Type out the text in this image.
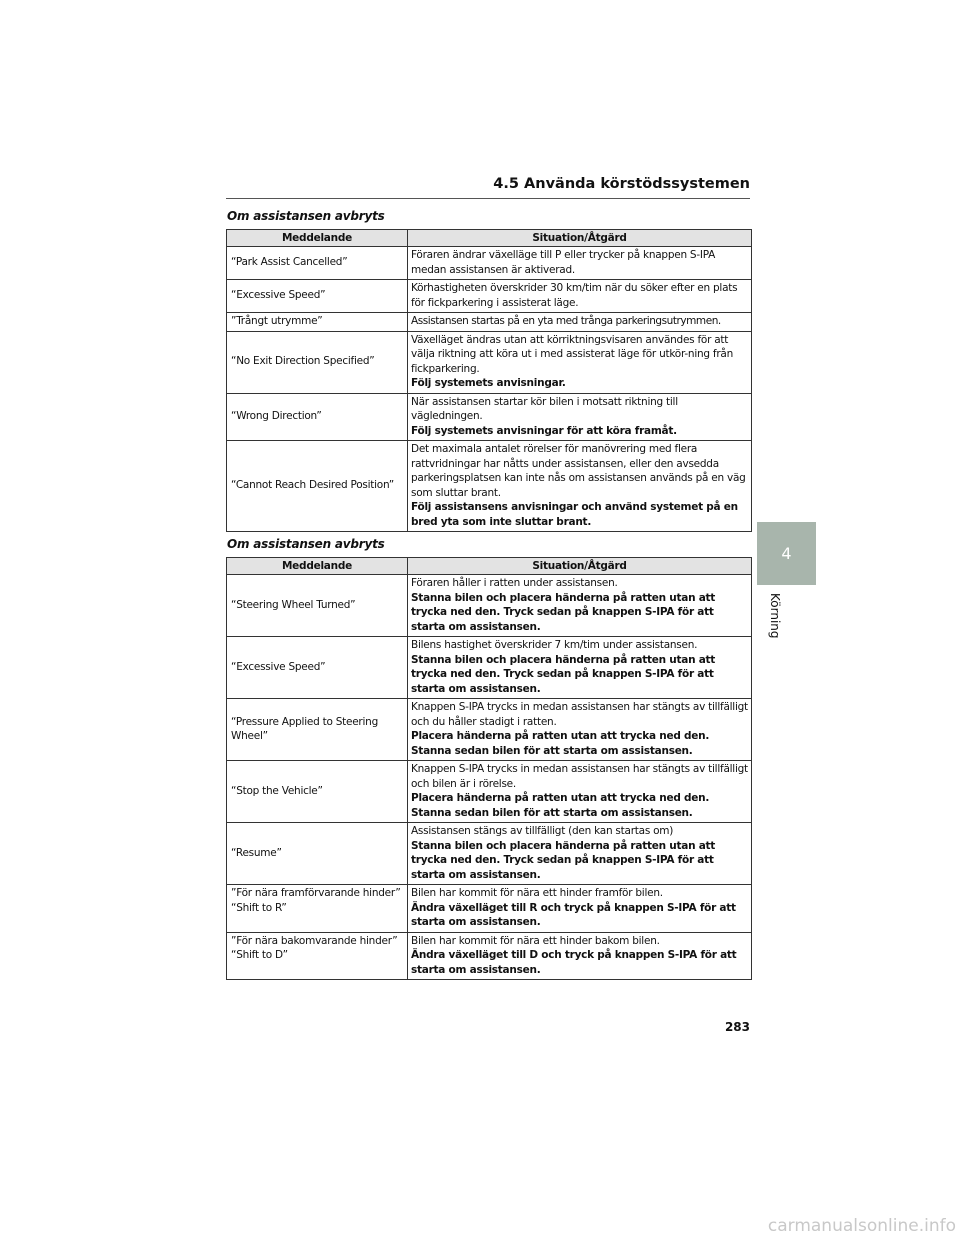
4.5 Använda körstödssystemen
Om assistansen avbryts
Meddelande	Situation/Åtgärd

“Park Assist Cancelled”	Föraren ändrar växelläge till P eller trycker på knappen S-IPA medan assistansen är aktiverad.

“Excessive Speed”	Körhastigheten överskrider 30 km/tim när du söker efter en plats för fickparkering i assisterat läge.

”Trångt utrymme”	Assistansen startas på en yta med trånga parkeringsutrymmen.

“No Exit Direction Specified”	Växelläget ändras utan att körriktningsvisaren användes för att välja riktning att köra ut i med assisterat läge för utkör-ning från fickparkering.
Följ systemets anvisningar.

“Wrong Direction”	När assistansen startar kör bilen i motsatt riktning till vägledningen.
Följ systemets anvisningar för att köra framåt.

“Cannot Reach Desired Position”	Det maximala antalet rörelser för manövrering med flera rattvridningar har nåtts under assistansen, eller den avsedda parkeringsplatsen kan inte nås om assistansen används på en väg som sluttar brant.
Följ assistansens anvisningar och använd systemet på en bred yta som inte sluttar brant.
Om assistansen avbryts
Meddelande	Situation/Åtgärd

“Steering Wheel Turned”	Föraren håller i ratten under assistansen.
Stanna bilen och placera händerna på ratten utan att trycka ned den. Tryck sedan på knappen S-IPA för att starta om assistansen.

“Excessive Speed”	Bilens hastighet överskrider 7 km/tim under assistansen.
Stanna bilen och placera händerna på ratten utan att trycka ned den. Tryck sedan på knappen S-IPA för att starta om assistansen.

“Pressure Applied to Steering Wheel”	Knappen S-IPA trycks in medan assistansen har stängts av tillfälligt och du håller stadigt i ratten.
Placera händerna på ratten utan att trycka ned den. Stanna sedan bilen för att starta om assistansen.

“Stop the Vehicle”	Knappen S-IPA trycks in medan assistansen har stängts av tillfälligt och bilen är i rörelse.
Placera händerna på ratten utan att trycka ned den. Stanna sedan bilen för att starta om assistansen.

“Resume”	Assistansen stängs av tillfälligt (den kan startas om)
Stanna bilen och placera händerna på ratten utan att trycka ned den. Tryck sedan på knappen S-IPA för att starta om assistansen.

”För nära framförvarande hinder”
“Shift to R”	Bilen har kommit för nära ett hinder framför bilen.
Ändra växelläget till R och tryck på knappen S-IPA för att starta om assistansen.

”För nära bakomvarande hinder”
“Shift to D”	Bilen har kommit för nära ett hinder bakom bilen.
Ändra växelläget till D och tryck på knappen S-IPA för att starta om assistansen.
4
Körning
283
carmanualsonline.info
